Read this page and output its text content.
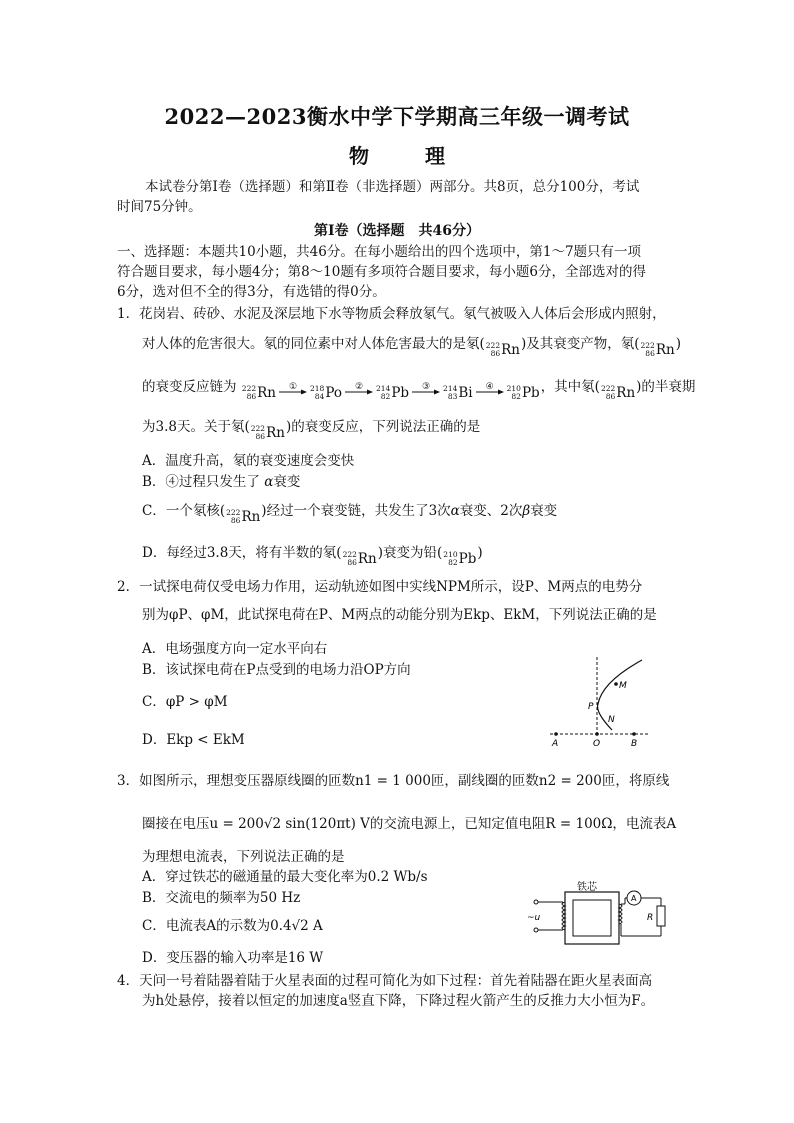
2022—2023衡水中学下学期高三年级一调考试
物　理
本试卷分第Ⅰ卷（选择题）和第Ⅱ卷（非选择题）两部分。共8页，总分100分，考试
时间75分钟。
第Ⅰ卷（选择题　共46分）
一、选择题：本题共10小题，共46分。在每小题给出的四个选项中，第1～7题只有一项
符合题目要求，每小题4分；第8～10题有多项符合题目要求，每小题6分，全部选对的得
6分，选对但不全的得3分，有选错的得0分。
1．花岗岩、砖砂、水泥及深层地下水等物质会释放氡气。氡气被吸入人体后会形成内照射，
对人体的危害很大。氡的同位素中对人体危害最大的是氡( 222
86 Rn )及其衰变产物，氡( 222
86 Rn )
的衰变反应链为 222
86 Rn	①	218
84 Po	②	214
82 Pb	③	214
83 Bi	④	210
82 Pb ，其中氡( 222
86 Rn )的半衰期
为3.8天。关于氡( 222
86 Rn )的衰变反应，下列说法正确的是
A．温度升高，氡的衰变速度会变快
B．④过程只发生了 α衰变
C．一个氡核( 222
86 Rn )经过一个衰变链，共发生了3次α衰变、2次β衰变
D．每经过3.8天，将有半数的氡( 222
86 Rn )衰变为铅( 210
82 Pb )
2．一试探电荷仅受电场力作用，运动轨迹如图中实线NPM所示，设P、M两点的电势分
别为φP、φM，此试探电荷在P、M两点的动能分别为Ekp、EkM，下列说法正确的是
A．电场强度方向一定水平向右
B．该试探电荷在P点受到的电场力沿OP方向
C．φP > φM
D．Ekp < EkM
M
P
N
A	O	B
3．如图所示，理想变压器原线圈的匝数n1 = 1 000匝，副线圈的匝数n2 = 200匝，将原线
圈接在电压u = 200√2 sin(120πt) V的交流电源上，已知定值电阻R = 100Ω，电流表A
为理想电流表，下列说法正确的是
A．穿过铁芯的磁通量的最大变化率为0.2 Wb/s
B．交流电的频率为50 Hz
C．电流表A的示数为0.4√2 A
D．变压器的输入功率是16 W
铁芯
~u
A
R
4．天问一号着陆器着陆于火星表面的过程可简化为如下过程：首先着陆器在距火星表面高
为h处悬停，接着以恒定的加速度a竖直下降，下降过程火箭产生的反推力大小恒为F。
